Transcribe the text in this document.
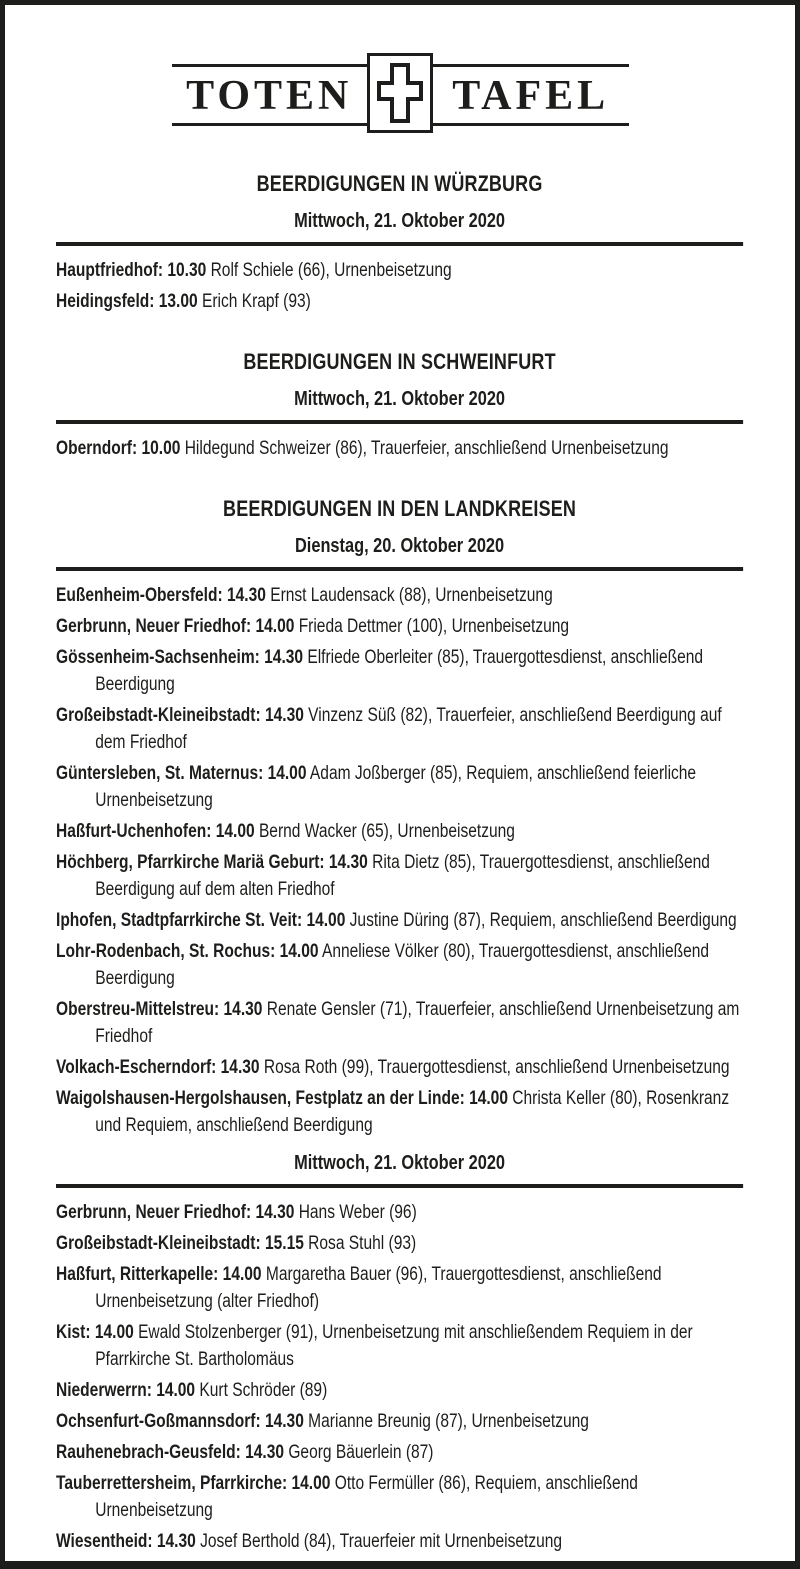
TOTEN	TAFEL
BEERDIGUNGEN IN WÜRZBURG
Mittwoch, 21. Oktober 2020

Hauptfriedhof: 10.30 Rolf Schiele (66), Urnenbeisetzung

Heidingsfeld: 13.00 Erich Krapf (93)

BEERDIGUNGEN IN SCHWEINFURT
Mittwoch, 21. Oktober 2020

Oberndorf: 10.00 Hildegund Schweizer (86), Trauerfeier, anschließend Urnenbeisetzung

BEERDIGUNGEN IN DEN LANDKREISEN
Dienstag, 20. Oktober 2020

Eußenheim-Obersfeld: 14.30 Ernst Laudensack (88), Urnenbeisetzung

Gerbrunn, Neuer Friedhof: 14.00 Frieda Dettmer (100), Urnenbeisetzung

Gössenheim-Sachsenheim: 14.30 Elfriede Oberleiter (85), Trauergottesdienst, anschließend Beerdigung

Großeibstadt-Kleineibstadt: 14.30 Vinzenz Süß (82), Trauerfeier, anschließend Beerdigung auf dem Friedhof

Güntersleben, St. Maternus: 14.00 Adam Joßberger (85), Requiem, anschließend feierliche Urnenbeisetzung

Haßfurt-Uchenhofen: 14.00 Bernd Wacker (65), Urnenbeisetzung

Höchberg, Pfarrkirche Mariä Geburt: 14.30 Rita Dietz (85), Trauergottesdienst, anschließend Beerdigung auf dem alten Friedhof

Iphofen, Stadtpfarrkirche St. Veit: 14.00 Justine Düring (87), Requiem, anschließend Beerdigung

Lohr-Rodenbach, St. Rochus: 14.00 Anneliese Völker (80), Trauergottesdienst, anschließend Beerdigung

Oberstreu-Mittelstreu: 14.30 Renate Gensler (71), Trauerfeier, anschließend Urnenbeisetzung am Friedhof

Volkach-Escherndorf: 14.30 Rosa Roth (99), Trauergottesdienst, anschließend Urnenbeisetzung

Waigolshausen-Hergolshausen, Festplatz an der Linde: 14.00 Christa Keller (80), Rosenkranz und Requiem, anschließend Beerdigung

Mittwoch, 21. Oktober 2020

Gerbrunn, Neuer Friedhof: 14.30 Hans Weber (96)

Großeibstadt-Kleineibstadt: 15.15 Rosa Stuhl (93)

Haßfurt, Ritterkapelle: 14.00 Margaretha Bauer (96), Trauergottesdienst, anschließend Urnenbeisetzung (alter Friedhof)

Kist: 14.00 Ewald Stolzenberger (91), Urnenbeisetzung mit anschließendem Requiem in der Pfarrkirche St. Bartholomäus

Niederwerrn: 14.00 Kurt Schröder (89)

Ochsenfurt-Goßmannsdorf: 14.30 Marianne Breunig (87), Urnenbeisetzung

Rauhenebrach-Geusfeld: 14.30 Georg Bäuerlein (87)

Tauberrettersheim, Pfarrkirche: 14.00 Otto Fermüller (86), Requiem, anschließend Urnenbeisetzung

Wiesentheid: 14.30 Josef Berthold (84), Trauerfeier mit Urnenbeisetzung
